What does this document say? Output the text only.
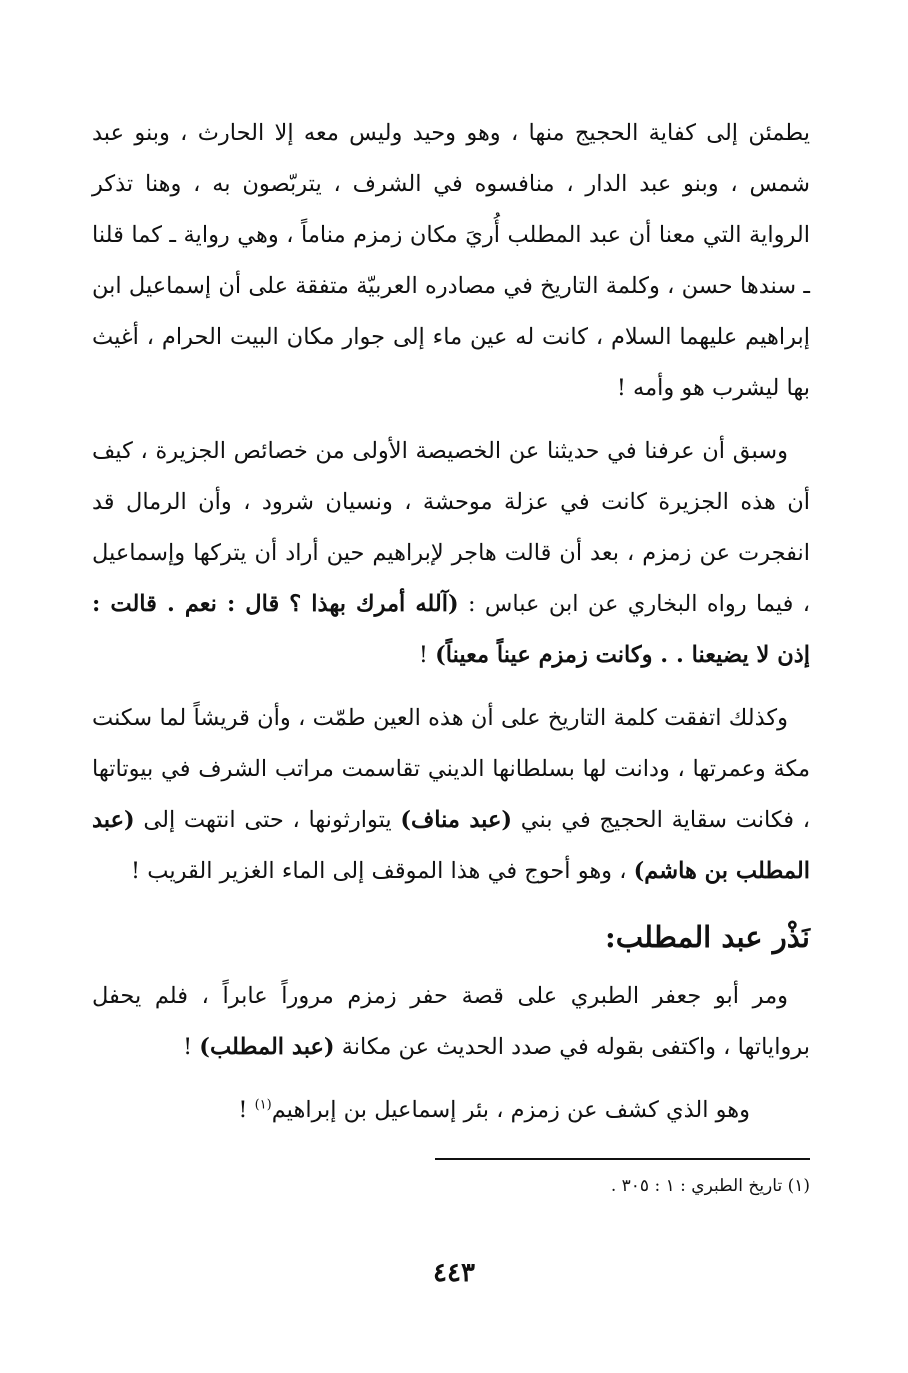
يطمئن إلى كفاية الحجيج منها ، وهو وحيد وليس معه إلا الحارث ، وبنو عبد شمس ، وبنو عبد الدار ، منافسوه في الشرف ، يتربّصون به ، وهنا تذكر الرواية التي معنا أن عبد المطلب أُريَ مكان زمزم مناماً ، وهي رواية ـ كما قلنا ـ سندها حسن ، وكلمة التاريخ في مصادره العربيّة متفقة على أن إسماعيل ابن إبراهيم عليهما السلام ، كانت له عين ماء إلى جوار مكان البيت الحرام ، أغيث بها ليشرب هو وأمه !

وسبق أن عرفنا في حديثنا عن الخصيصة الأولى من خصائص الجزيرة ، كيف أن هذه الجزيرة كانت في عزلة موحشة ، ونسيان شرود ، وأن الرمال قد انفجرت عن زمزم ، بعد أن قالت هاجر لإبراهيم حين أراد أن يتركها وإسماعيل ، فيما رواه البخاري عن ابن عباس : (آلله أمرك بهذا ؟ قال : نعم . قالت : إذن لا يضيعنا . . وكانت زمزم عيناً معيناً) !

وكذلك اتفقت كلمة التاريخ على أن هذه العين طمّت ، وأن قريشاً لما سكنت مكة وعمرتها ، ودانت لها بسلطانها الديني تقاسمت مراتب الشرف في بيوتاتها ، فكانت سقاية الحجيج في بني (عبد مناف) يتوارثونها ، حتى انتهت إلى (عبد المطلب بن هاشم) ، وهو أحوج في هذا الموقف إلى الماء الغزير القريب !

نَذْر عبد المطلب:

ومر أبو جعفر الطبري على قصة حفر زمزم مروراً عابراً ، فلم يحفل برواياتها ، واكتفى بقوله في صدد الحديث عن مكانة (عبد المطلب) !

وهو الذي كشف عن زمزم ، بئر إسماعيل بن إبراهيم$^{(١)}$ !

(١) تاريخ الطبري : ١ : ٣٠٥ .
٤٤٣
